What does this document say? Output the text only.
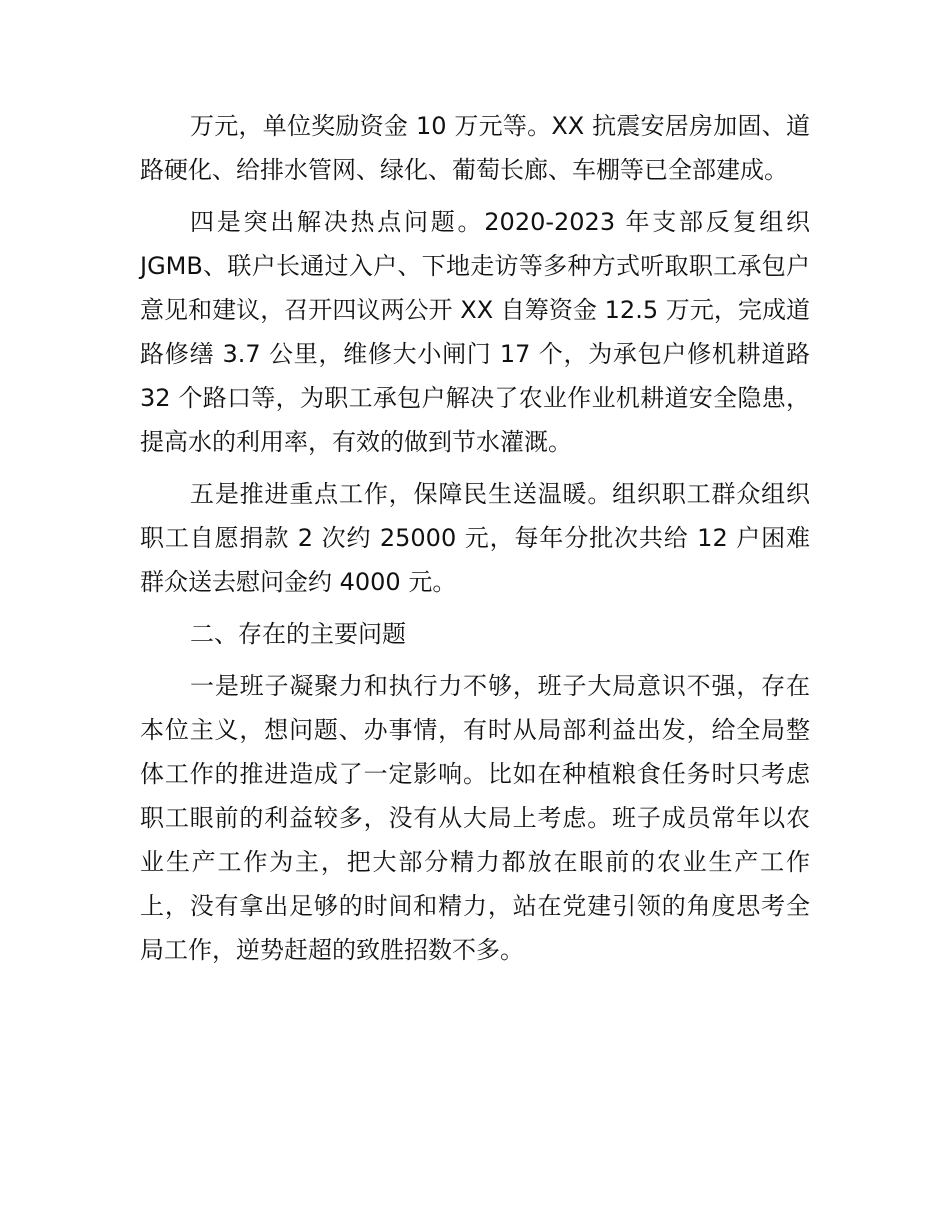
万元，单位奖励资金 10 万元等。XX 抗震安居房加固、道路硬化、给排水管网、绿化、葡萄长廊、车棚等已全部建成。

四是突出解决热点问题。2020-2023 年支部反复组织 JGMB、联户长通过入户、下地走访等多种方式听取职工承包户意见和建议，召开四议两公开 XX 自筹资金 12.5 万元，完成道路修缮 3.7 公里，维修大小闸门 17 个，为承包户修机耕道路 32 个路口等，为职工承包户解决了农业作业机耕道安全隐患，提高水的利用率，有效的做到节水灌溉。

五是推进重点工作，保障民生送温暖。组织职工群众组织职工自愿捐款 2 次约 25000 元，每年分批次共给 12 户困难群众送去慰问金约 4000 元。

二、存在的主要问题

一是班子凝聚力和执行力不够，班子大局意识不强，存在本位主义，想问题、办事情，有时从局部利益出发，给全局整体工作的推进造成了一定影响。比如在种植粮食任务时只考虑职工眼前的利益较多，没有从大局上考虑。班子成员常年以农业生产工作为主，把大部分精力都放在眼前的农业生产工作上，没有拿出足够的时间和精力，站在党建引领的角度思考全局工作，逆势赶超的致胜招数不多。
